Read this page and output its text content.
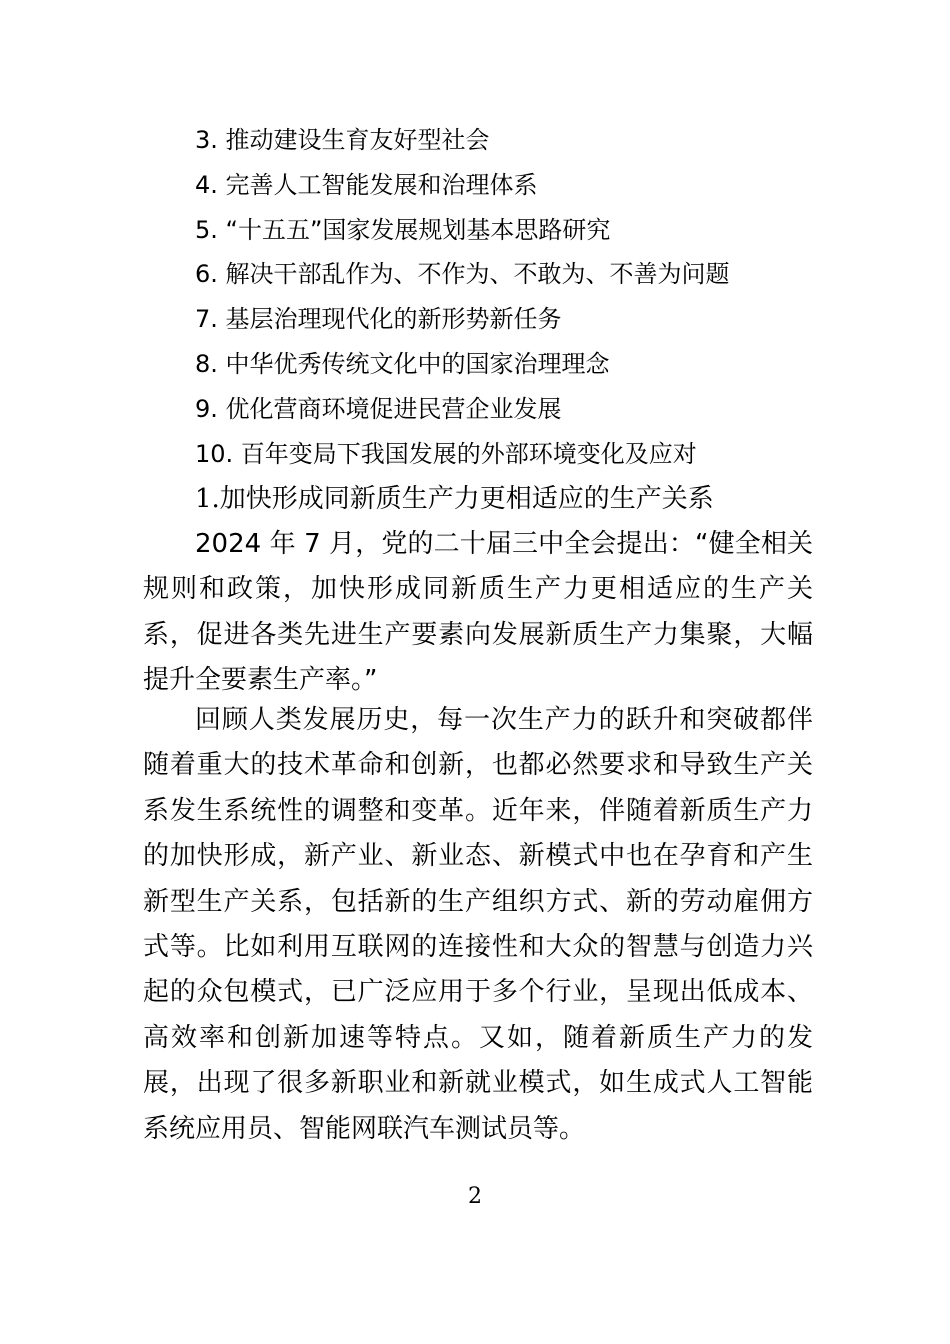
3. 推动建设生育友好型社会
4. 完善人工智能发展和治理体系
5. “十五五”国家发展规划基本思路研究
6. 解决干部乱作为、不作为、不敢为、不善为问题
7. 基层治理现代化的新形势新任务
8. 中华优秀传统文化中的国家治理理念
9. 优化营商环境促进民营企业发展
10. 百年变局下我国发展的外部环境变化及应对
1.加快形成同新质生产力更相适应的生产关系

2024 年 7 月，党的二十届三中全会提出：“健全相关规则和政策，加快形成同新质生产力更相适应的生产关系，促进各类先进生产要素向发展新质生产力集聚，大幅提升全要素生产率。”

回顾人类发展历史，每一次生产力的跃升和突破都伴随着重大的技术革命和创新，也都必然要求和导致生产关系发生系统性的调整和变革。近年来，伴随着新质生产力的加快形成，新产业、新业态、新模式中也在孕育和产生新型生产关系，包括新的生产组织方式、新的劳动雇佣方式等。比如利用互联网的连接性和大众的智慧与创造力兴起的众包模式，已广泛应用于多个行业，呈现出低成本、高效率和创新加速等特点。又如，随着新质生产力的发展，出现了很多新职业和新就业模式，如生成式人工智能系统应用员、智能网联汽车测试员等。

2
